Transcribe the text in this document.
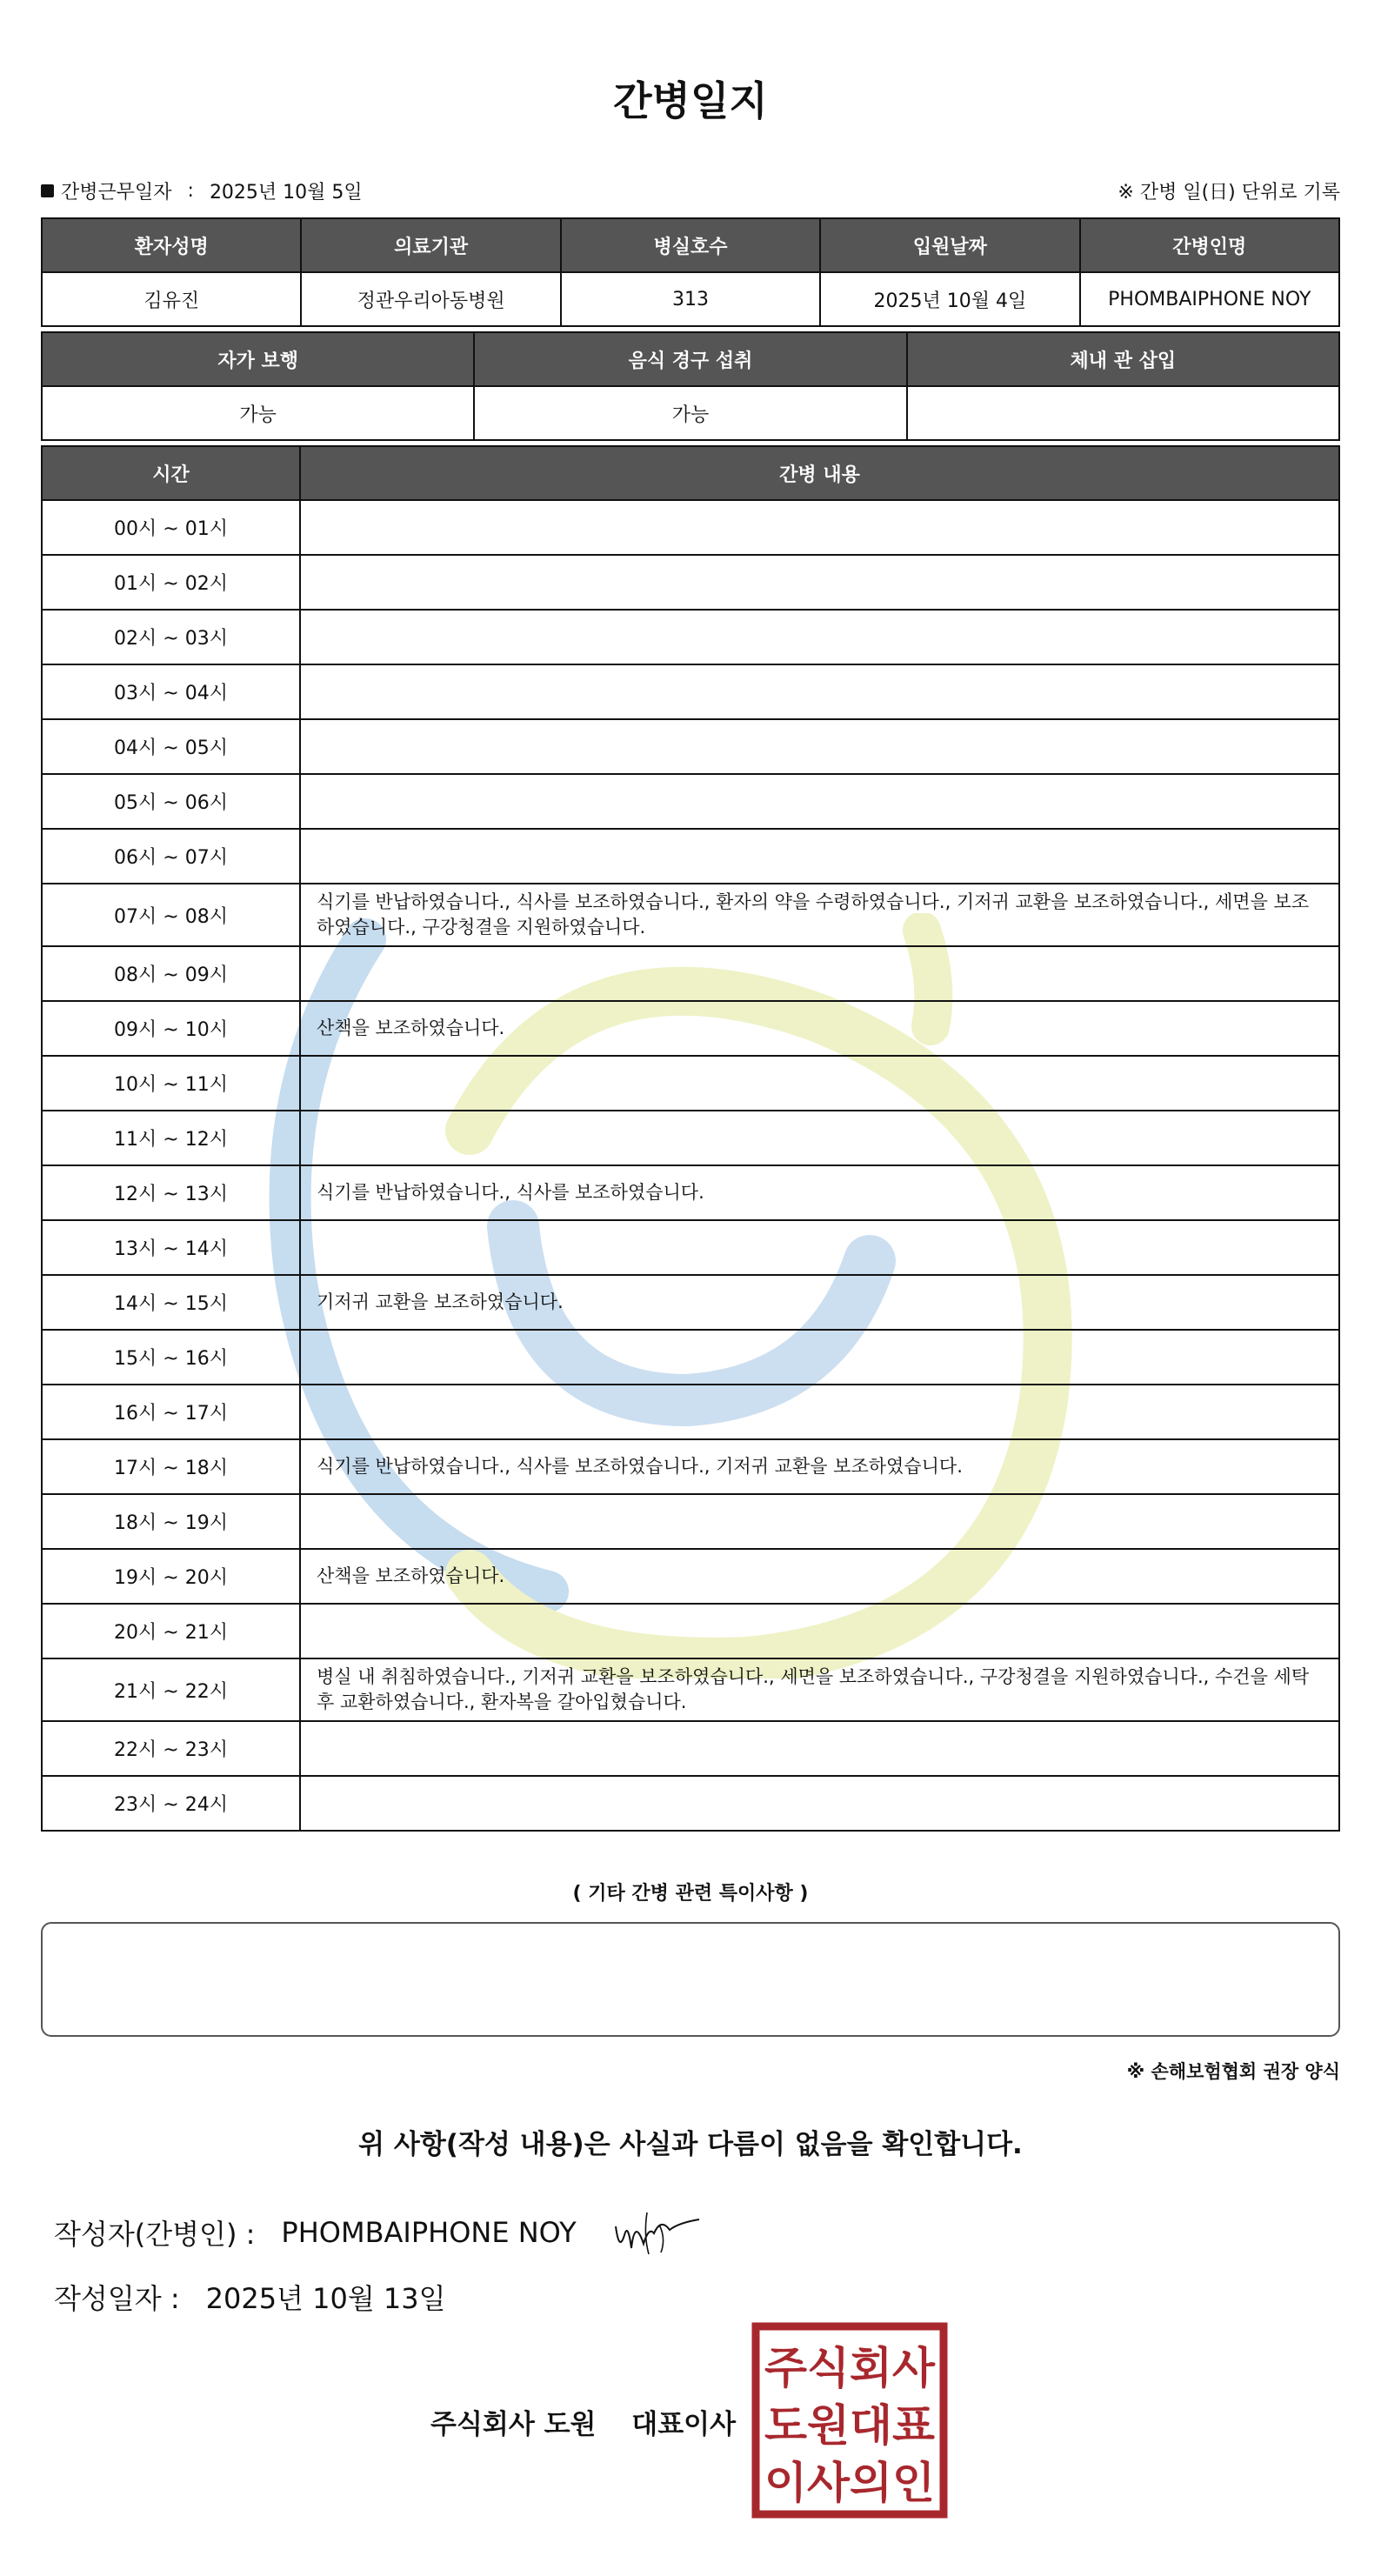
간병일지
간병근무일자 : 2025년 10월 5일	※ 간병 일(日) 단위로 기록
환자성명	의료기관	병실호수	입원날짜	간병인명
김유진	정관우리아동병원	313	2025년 10월 4일	PHOMBAIPHONE NOY
자가 보행	음식 경구 섭취	체내 관 삽입
가능	가능	
시간	간병 내용
00시 ~ 01시	
01시 ~ 02시	
02시 ~ 03시	
03시 ~ 04시	
04시 ~ 05시	
05시 ~ 06시	
06시 ~ 07시	
07시 ~ 08시	식기를 반납하였습니다., 식사를 보조하였습니다., 환자의 약을 수령하였습니다., 기저귀 교환을 보조하였습니다., 세면을 보조하였습니다., 구강청결을 지원하였습니다.
08시 ~ 09시	
09시 ~ 10시	산책을 보조하였습니다.
10시 ~ 11시	
11시 ~ 12시	
12시 ~ 13시	식기를 반납하였습니다., 식사를 보조하였습니다.
13시 ~ 14시	
14시 ~ 15시	기저귀 교환을 보조하였습니다.
15시 ~ 16시	
16시 ~ 17시	
17시 ~ 18시	식기를 반납하였습니다., 식사를 보조하였습니다., 기저귀 교환을 보조하였습니다.
18시 ~ 19시	
19시 ~ 20시	산책을 보조하였습니다.
20시 ~ 21시	
21시 ~ 22시	병실 내 취침하였습니다., 기저귀 교환을 보조하였습니다., 세면을 보조하였습니다., 구강청결을 지원하였습니다., 수건을 세탁 후 교환하였습니다., 환자복을 갈아입혔습니다.
22시 ~ 23시	
23시 ~ 24시	
( 기타 간병 관련 특이사항 )
※ 손해보험협회 권장 양식
위 사항(작성 내용)은 사실과 다름이 없음을 확인합니다.
작성자(간병인) : PHOMBAIPHONE NOY
작성일자 : 2025년 10월 13일
주식회사 도원 대표이사
주식회사
도원대표
이사의인
